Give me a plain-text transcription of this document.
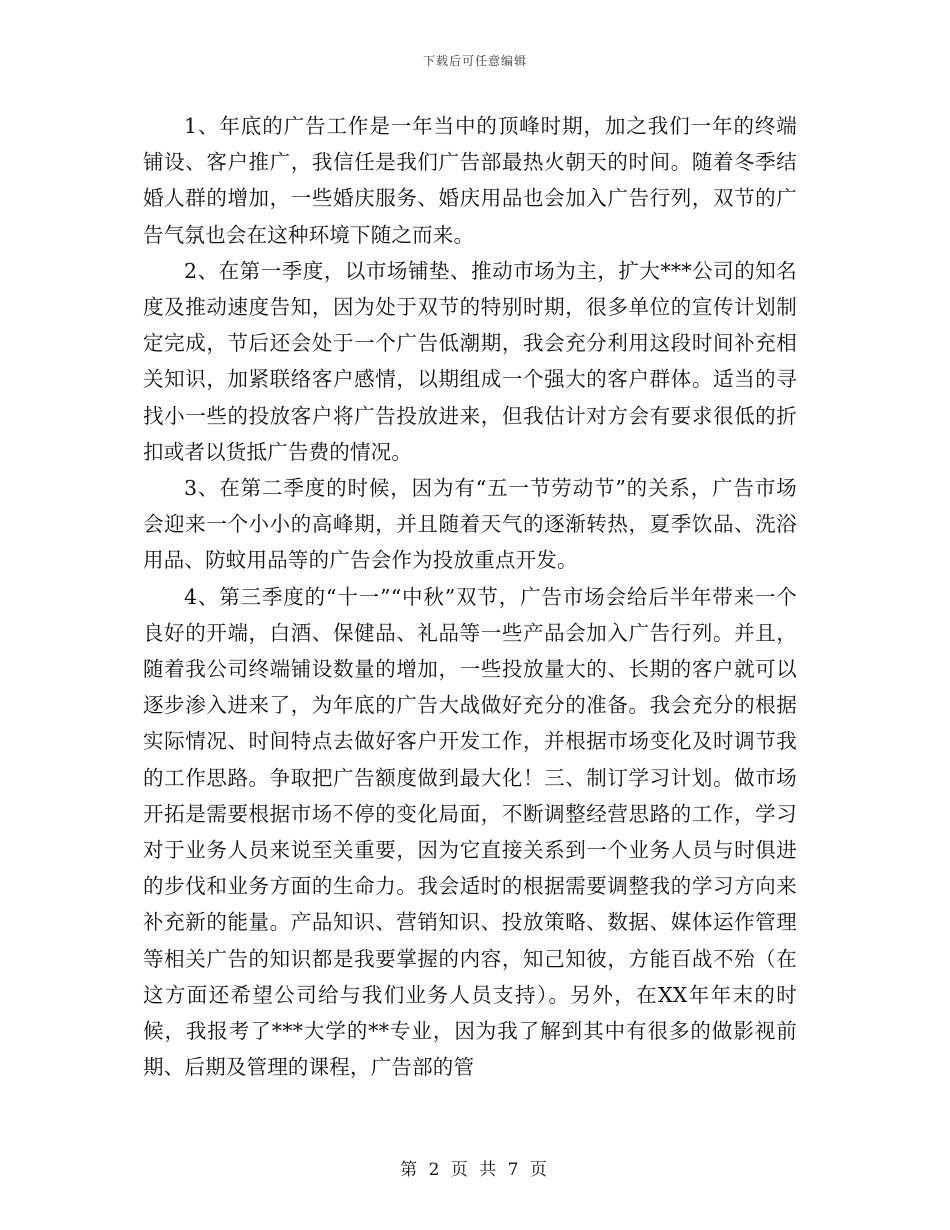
下载后可任意编辑

1、年底的广告工作是一年当中的顶峰时期，加之我们一年的终端铺设、客户推广，我信任是我们广告部最热火朝天的时间。随着冬季结婚人群的增加，一些婚庆服务、婚庆用品也会加入广告行列，双节的广告气氛也会在这种环境下随之而来。

2、在第一季度，以市场铺垫、推动市场为主，扩大***公司的知名度及推动速度告知，因为处于双节的特别时期，很多单位的宣传计划制定完成，节后还会处于一个广告低潮期，我会充分利用这段时间补充相关知识，加紧联络客户感情，以期组成一个强大的客户群体。适当的寻找小一些的投放客户将广告投放进来，但我估计对方会有要求很低的折扣或者以货抵广告费的情况。

3、在第二季度的时候，因为有“五一节劳动节”的关系，广告市场会迎来一个小小的高峰期，并且随着天气的逐渐转热，夏季饮品、洗浴用品、防蚊用品等的广告会作为投放重点开发。

4、第三季度的“十一”“中秋”双节，广告市场会给后半年带来一个良好的开端，白酒、保健品、礼品等一些产品会加入广告行列。并且，随着我公司终端铺设数量的增加，一些投放量大的、长期的客户就可以逐步渗入进来了，为年底的广告大战做好充分的准备。我会充分的根据实际情况、时间特点去做好客户开发工作，并根据市场变化及时调节我的工作思路。争取把广告额度做到最大化！三、制订学习计划。做市场开拓是需要根据市场不停的变化局面，不断调整经营思路的工作，学习对于业务人员来说至关重要，因为它直接关系到一个业务人员与时俱进的步伐和业务方面的生命力。我会适时的根据需要调整我的学习方向来补充新的能量。产品知识、营销知识、投放策略、数据、媒体运作管理等相关广告的知识都是我要掌握的内容，知己知彼，方能百战不殆（在这方面还希望公司给与我们业务人员支持）。另外，在XX年年末的时候，我报考了***大学的**专业，因为我了解到其中有很多的做影视前期、后期及管理的课程，广告部的管

第 2 页 共 7 页
